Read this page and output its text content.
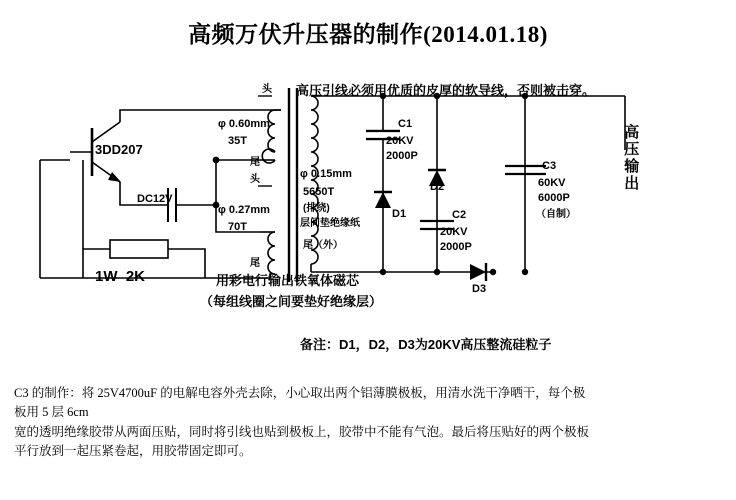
高频万伏升压器的制作(2014.01.18)
3DD207
DC12V
1W  2K
φ 0.60mm
35T
头
尾
φ 0.27mm
70T
头
尾
φ 0.15mm
5650T
(排绕)
层间垫绝缘纸
尾（外）
高压引线必须用优质的皮厚的软导线，否则被击穿。
用彩电行输出铁氧体磁芯
（每组线圈之间要垫好绝缘层）
C1
20KV
2000P
C2
20KV
2000P
C3
60KV
6000P
（自制）
D1
D2
D3
高压输出
备注：D1，D2，D3为20KV高压整流硅粒子
C3 的制作：将 25V4700uF 的电解电容外壳去除，小心取出两个铝薄膜极板，用清水洗干净晒干，每个极
板用 5 层 6cm
宽的透明绝缘胶带从两面压贴，同时将引线也贴到极板上，胶带中不能有气泡。最后将压贴好的两个极板
平行放到一起压紧卷起，用胶带固定即可。
